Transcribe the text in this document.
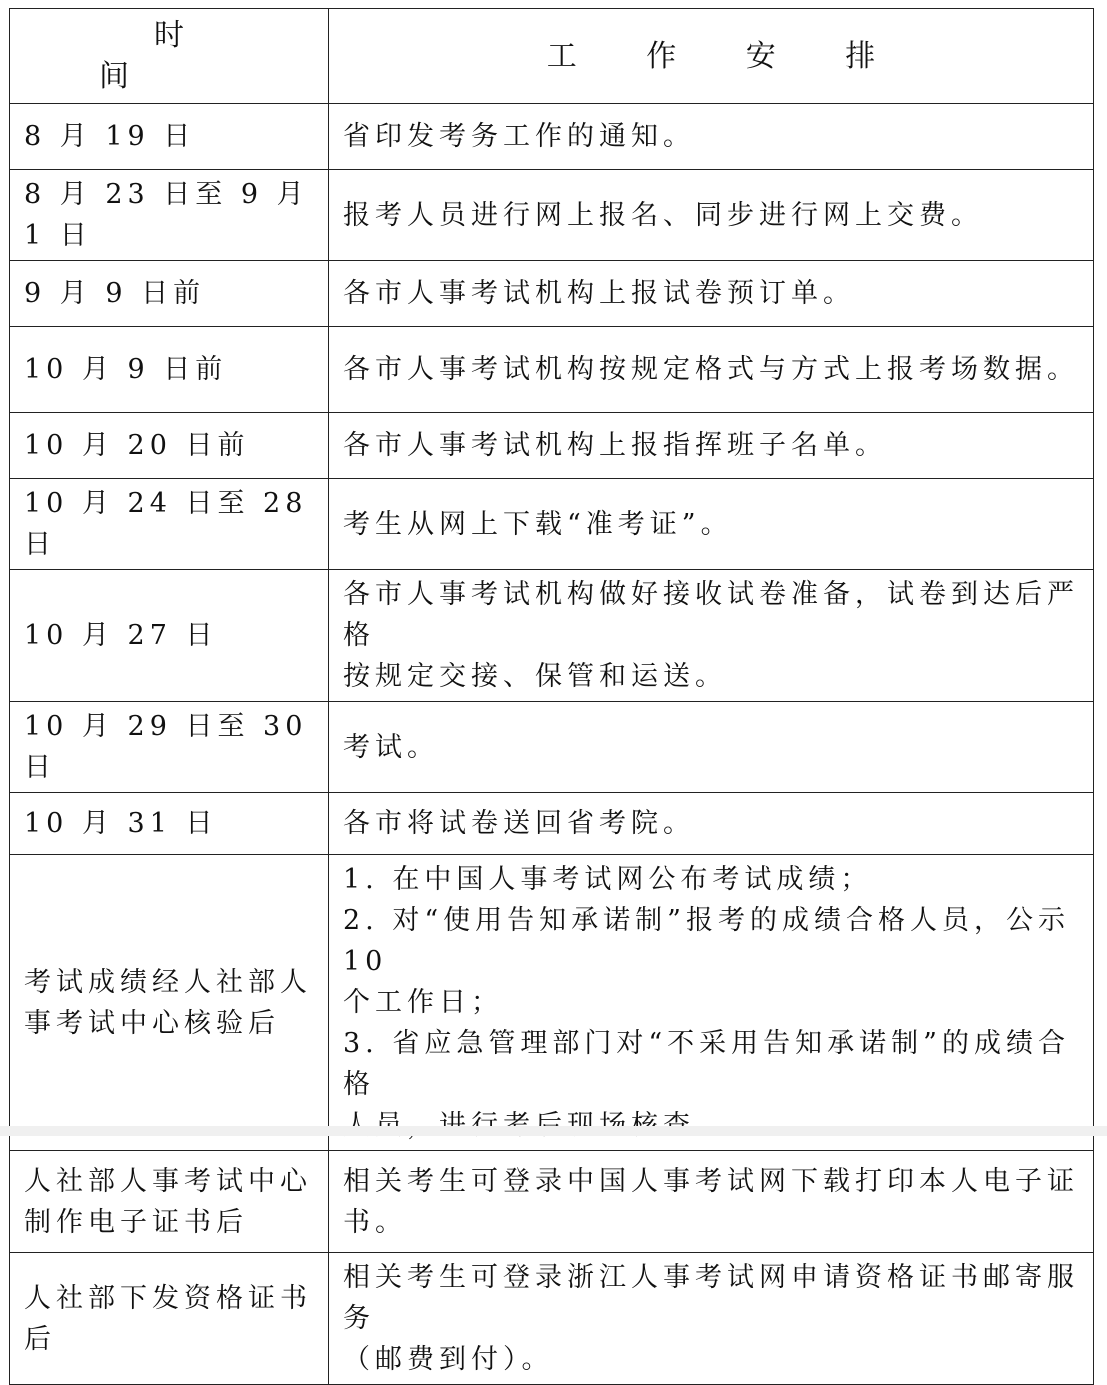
时　间	工 作 安 排

8 月 19 日	省印发考务工作的通知。

8 月 23 日至 9 月 1 日	报考人员进行网上报名、同步进行网上交费。

9 月 9 日前	各市人事考试机构上报试卷预订单。

10 月 9 日前	各市人事考试机构按规定格式与方式上报考场数据。

10 月 20 日前	各市人事考试机构上报指挥班子名单。

10 月 24 日至 28 日	考生从网上下载“准考证”。

10 月 27 日	各市人事考试机构做好接收试卷准备，试卷到达后严格
按规定交接、保管和运送。

10 月 29 日至 30 日	考试。

10 月 31 日	各市将试卷送回省考院。

考试成绩经人社部人
事考试中心核验后	1. 在中国人事考试网公布考试成绩；
2. 对“使用告知承诺制”报考的成绩合格人员，公示 10
个工作日；
3. 省应急管理部门对“不采用告知承诺制”的成绩合格

人社部人事考试中心
制作电子证书后	相关考生可登录中国人事考试网下载打印本人电子证
书。

人社部下发资格证书
后	相关考生可登录浙江人事考试网申请资格证书邮寄服务
（邮费到付）。
